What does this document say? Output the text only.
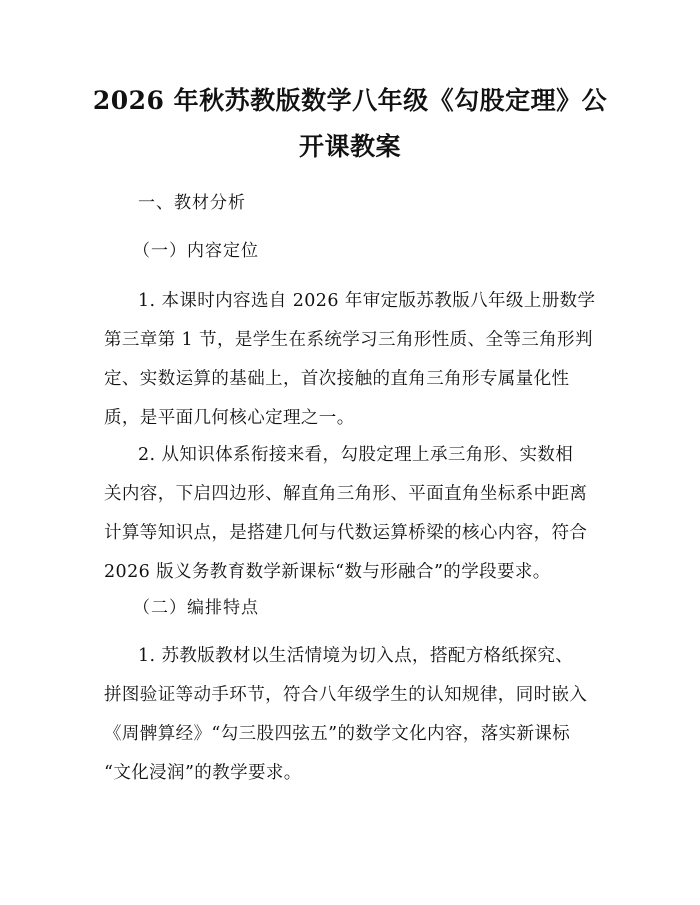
2026 年秋苏教版数学八年级《勾股定理》公
开课教案
一、教材分析
（一）内容定位
1. 本课时内容选自 2026 年审定版苏教版八年级上册数学
第三章第 1 节，是学生在系统学习三角形性质、全等三角形判
定、实数运算的基础上，首次接触的直角三角形专属量化性
质，是平面几何核心定理之一。
2. 从知识体系衔接来看，勾股定理上承三角形、实数相
关内容，下启四边形、解直角三角形、平面直角坐标系中距离
计算等知识点，是搭建几何与代数运算桥梁的核心内容，符合
2026 版义务教育数学新课标“数与形融合”的学段要求。
（二）编排特点
1. 苏教版教材以生活情境为切入点，搭配方格纸探究、
拼图验证等动手环节，符合八年级学生的认知规律，同时嵌入
《周髀算经》“勾三股四弦五”的数学文化内容，落实新课标
“文化浸润”的教学要求。
